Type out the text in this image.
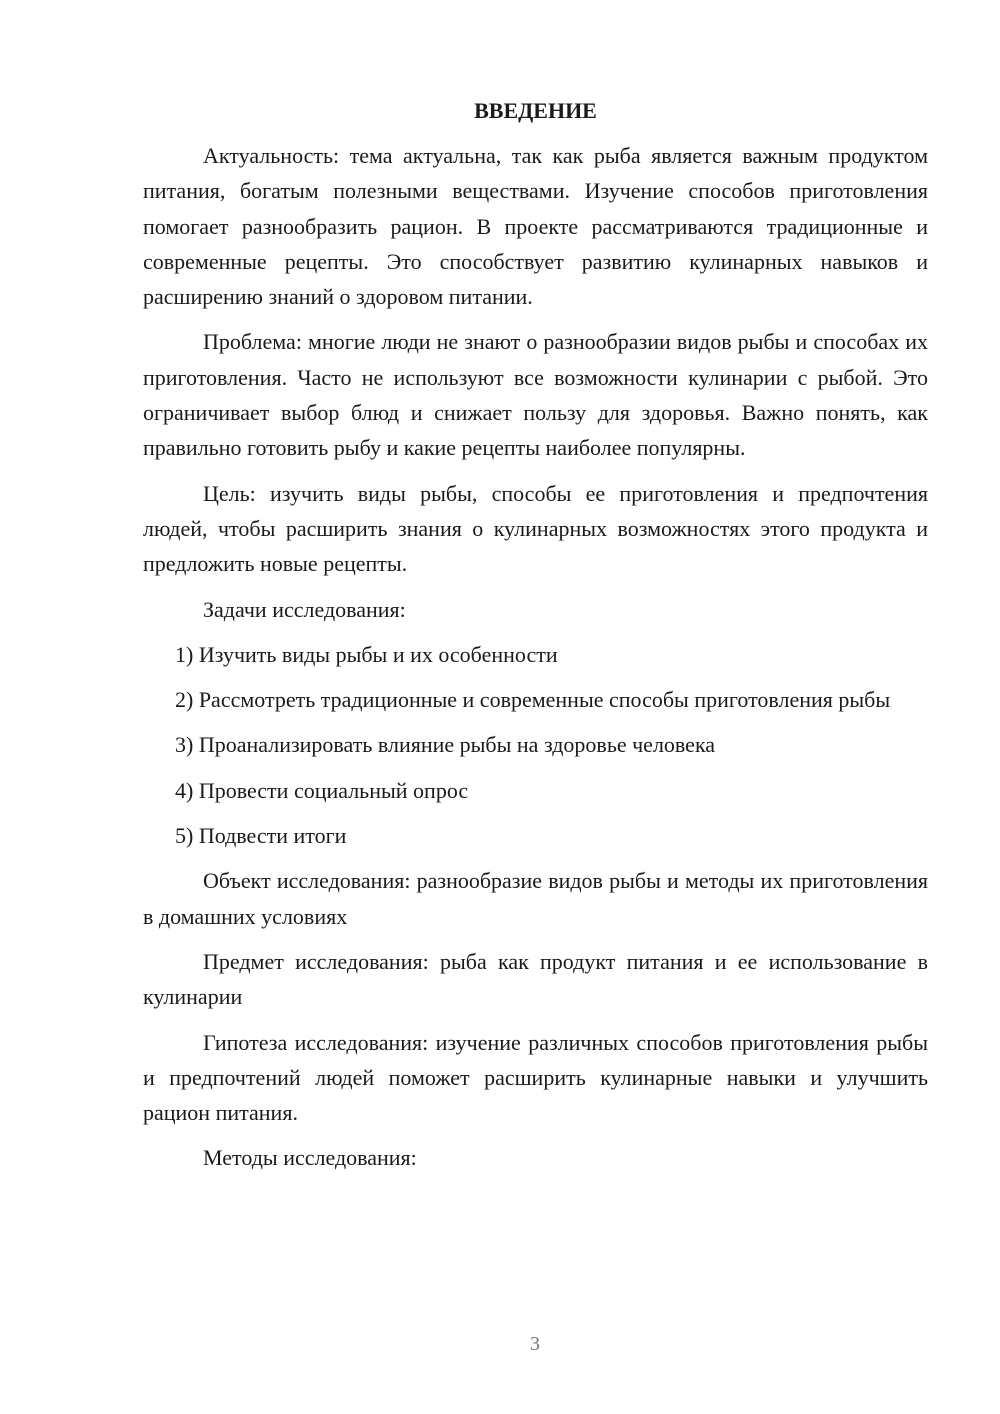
ВВЕДЕНИЕ

Актуальность: тема актуальна, так как рыба является важным продуктом питания, богатым полезными веществами. Изучение способов приготовления помогает разнообразить рацион. В проекте рассматриваются традиционные и современные рецепты. Это способствует развитию кулинарных навыков и расширению знаний о здоровом питании.

Проблема: многие люди не знают о разнообразии видов рыбы и способах их приготовления. Часто не используют все возможности кулинарии с рыбой. Это ограничивает выбор блюд и снижает пользу для здоровья. Важно понять, как правильно готовить рыбу и какие рецепты наиболее популярны.

Цель: изучить виды рыбы, способы ее приготовления и предпочтения людей, чтобы расширить знания о кулинарных возможностях этого продукта и предложить новые рецепты.

Задачи исследования:

1) Изучить виды рыбы и их особенности

2) Рассмотреть традиционные и современные способы приготовления рыбы

3) Проанализировать влияние рыбы на здоровье человека

4) Провести социальный опрос

5) Подвести итоги

Объект исследования: разнообразие видов рыбы и методы их приготовления в домашних условиях

Предмет исследования: рыба как продукт питания и ее использование в кулинарии

Гипотеза исследования: изучение различных способов приготовления рыбы и предпочтений людей поможет расширить кулинарные навыки и улучшить рацион питания.

Методы исследования:

3
